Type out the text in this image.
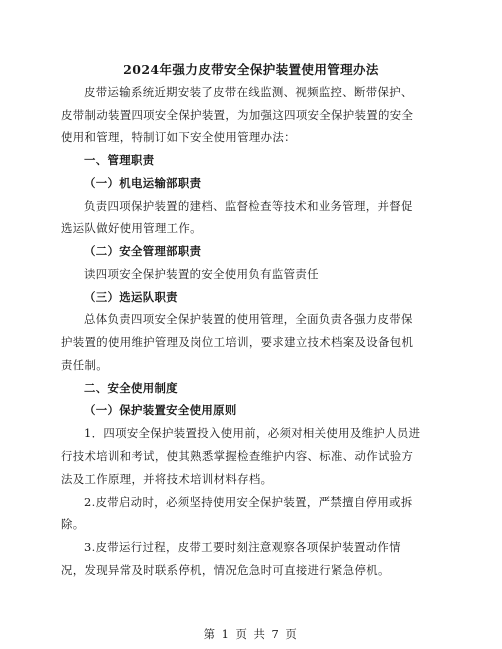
2024年强力皮带安全保护装置使用管理办法
皮带运输系统近期安装了皮带在线监测、视频监控、断带保护、
皮带制动装置四项安全保护装置，为加强这四项安全保护装置的安全
使用和管理，特制订如下安全使用管理办法：
一、管理职责
（一）机电运输部职责
负责四项保护装置的建档、监督检查等技术和业务管理，并督促
选运队做好使用管理工作。
（二）安全管理部职责
读四项安全保护装置的安全使用负有监管责任
（三）选运队职责
总体负责四项安全保护装置的使用管理，全面负责各强力皮带保
护装置的使用维护管理及岗位工培训，要求建立技术档案及设备包机
责任制。
二、安全使用制度
（一）保护装置安全使用原则
1．四项安全保护装置投入使用前，必须对相关使用及维护人员进
行技术培训和考试，使其熟悉掌握检查维护内容、标准、动作试验方
法及工作原理，并将技术培训材料存档。
2.皮带启动时，必须坚持使用安全保护装置，严禁擅自停用或拆
除。
3.皮带运行过程，皮带工要时刻注意观察各项保护装置动作情
况，发现异常及时联系停机，情况危急时可直接进行紧急停机。
第 1 页 共 7 页
